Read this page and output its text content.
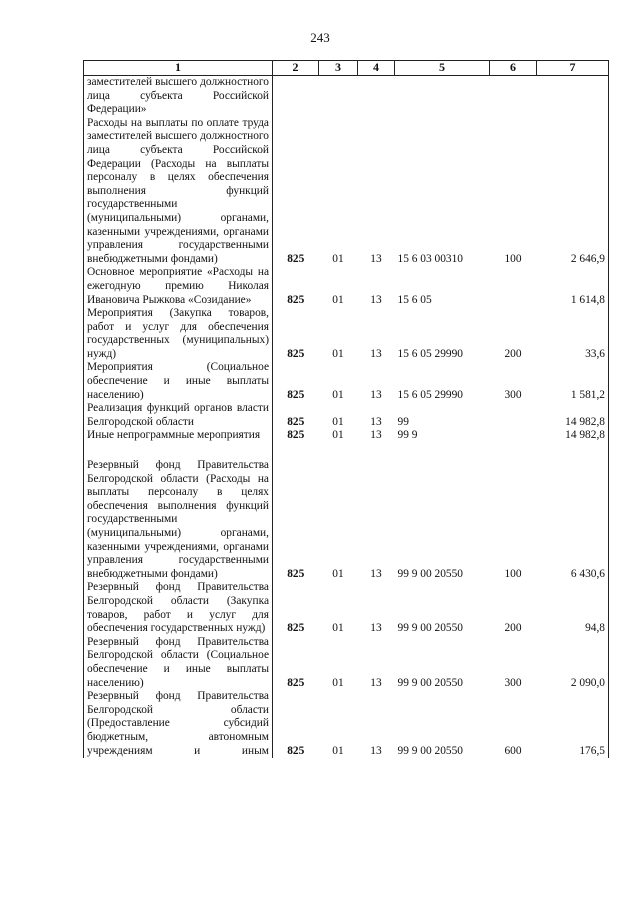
243
1	2	3	4	5	6	7
заместителей высшего должностного лица субъекта Российской Федерации»						
Расходы на выплаты по оплате труда заместителей высшего должностного лица субъекта Российской Федерации (Расходы на выплаты персоналу в целях обеспечения выполнения функций государственными (муниципальными) органами, казенными учреждениями, органами управления государственными внебюджетными фондами)	825	01	13	15 6 03 00310	100	2 646,9
Основное мероприятие «Расходы на ежегодную премию Николая Ивановича Рыжкова «Созидание»	825	01	13	15 6 05		1 614,8
Мероприятия (Закупка товаров, работ и услуг для обеспечения государственных (муниципальных) нужд)	825	01	13	15 6 05 29990	200	33,6
Мероприятия (Социальное обеспечение и иные выплаты населению)	825	01	13	15 6 05 29990	300	1 581,2
Реализация функций органов власти Белгородской области	825	01	13	99		14 982,8
Иные непрограммные мероприятия	825	01	13	99 9		14 982,8

Резервный фонд Правительства Белгородской области (Расходы на выплаты персоналу в целях обеспечения выполнения функций государственными (муниципальными) органами, казенными учреждениями, органами управления государственными внебюджетными фондами)	825	01	13	99 9 00 20550	100	6 430,6
Резервный фонд Правительства Белгородской области (Закупка товаров, работ и услуг для обеспечения государственных нужд)	825	01	13	99 9 00 20550	200	94,8
Резервный фонд Правительства Белгородской области (Социальное обеспечение и иные выплаты населению)	825	01	13	99 9 00 20550	300	2 090,0
Резервный фонд Правительства Белгородской области (Предоставление субсидий бюджетным, автономным учреждениям и иным	825	01	13	99 9 00 20550	600	176,5
